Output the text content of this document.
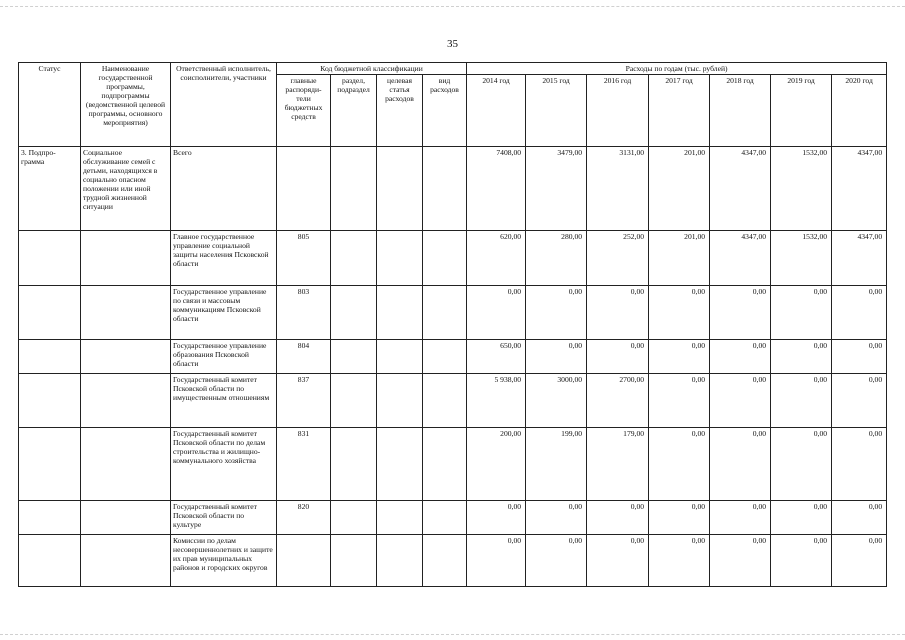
35
Статус	Наименование государственной программы, подпрограммы (ведомственной целевой программы, основного мероприятия)	Ответственный исполнитель, соисполнители, участники	Код бюджетной классификации				Расходы по годам (тыс. рублей)						
			главные распоряди-тели бюджетных средств	раздел, подраздел	целевая статья расходов	вид расходов	2014 год	2015 год	2016 год	2017 год	2018 год	2019 год	2020 год
3. Подпро-грамма	Социальное обслуживание семей с детьми, находящихся в социально опасном положении или иной трудной жизненной ситуации	Всего					7408,00	3479,00	3131,00	201,00	4347,00	1532,00	4347,00
		Главное государственное управление социальной защиты населения Псковской области	805				620,00	280,00	252,00	201,00	4347,00	1532,00	4347,00
		Государственное управление по связи и массовым коммуникациям Псковской области	803				0,00	0,00	0,00	0,00	0,00	0,00	0,00
		Государственное управление образования Псковской области	804				650,00	0,00	0,00	0,00	0,00	0,00	0,00
		Государственный комитет Псковской области по имущественным отношениям	837				5 938,00	3000,00	2700,00	0,00	0,00	0,00	0,00
		Государственный комитет Псковской области по делам строительства и жилищно-коммунального хозяйства	831				200,00	199,00	179,00	0,00	0,00	0,00	0,00
		Государственный комитет Псковской области по культуре	820				0,00	0,00	0,00	0,00	0,00	0,00	0,00
		Комиссии по делам несовершеннолетних и защите их прав муниципальных районов и городских округов					0,00	0,00	0,00	0,00	0,00	0,00	0,00
